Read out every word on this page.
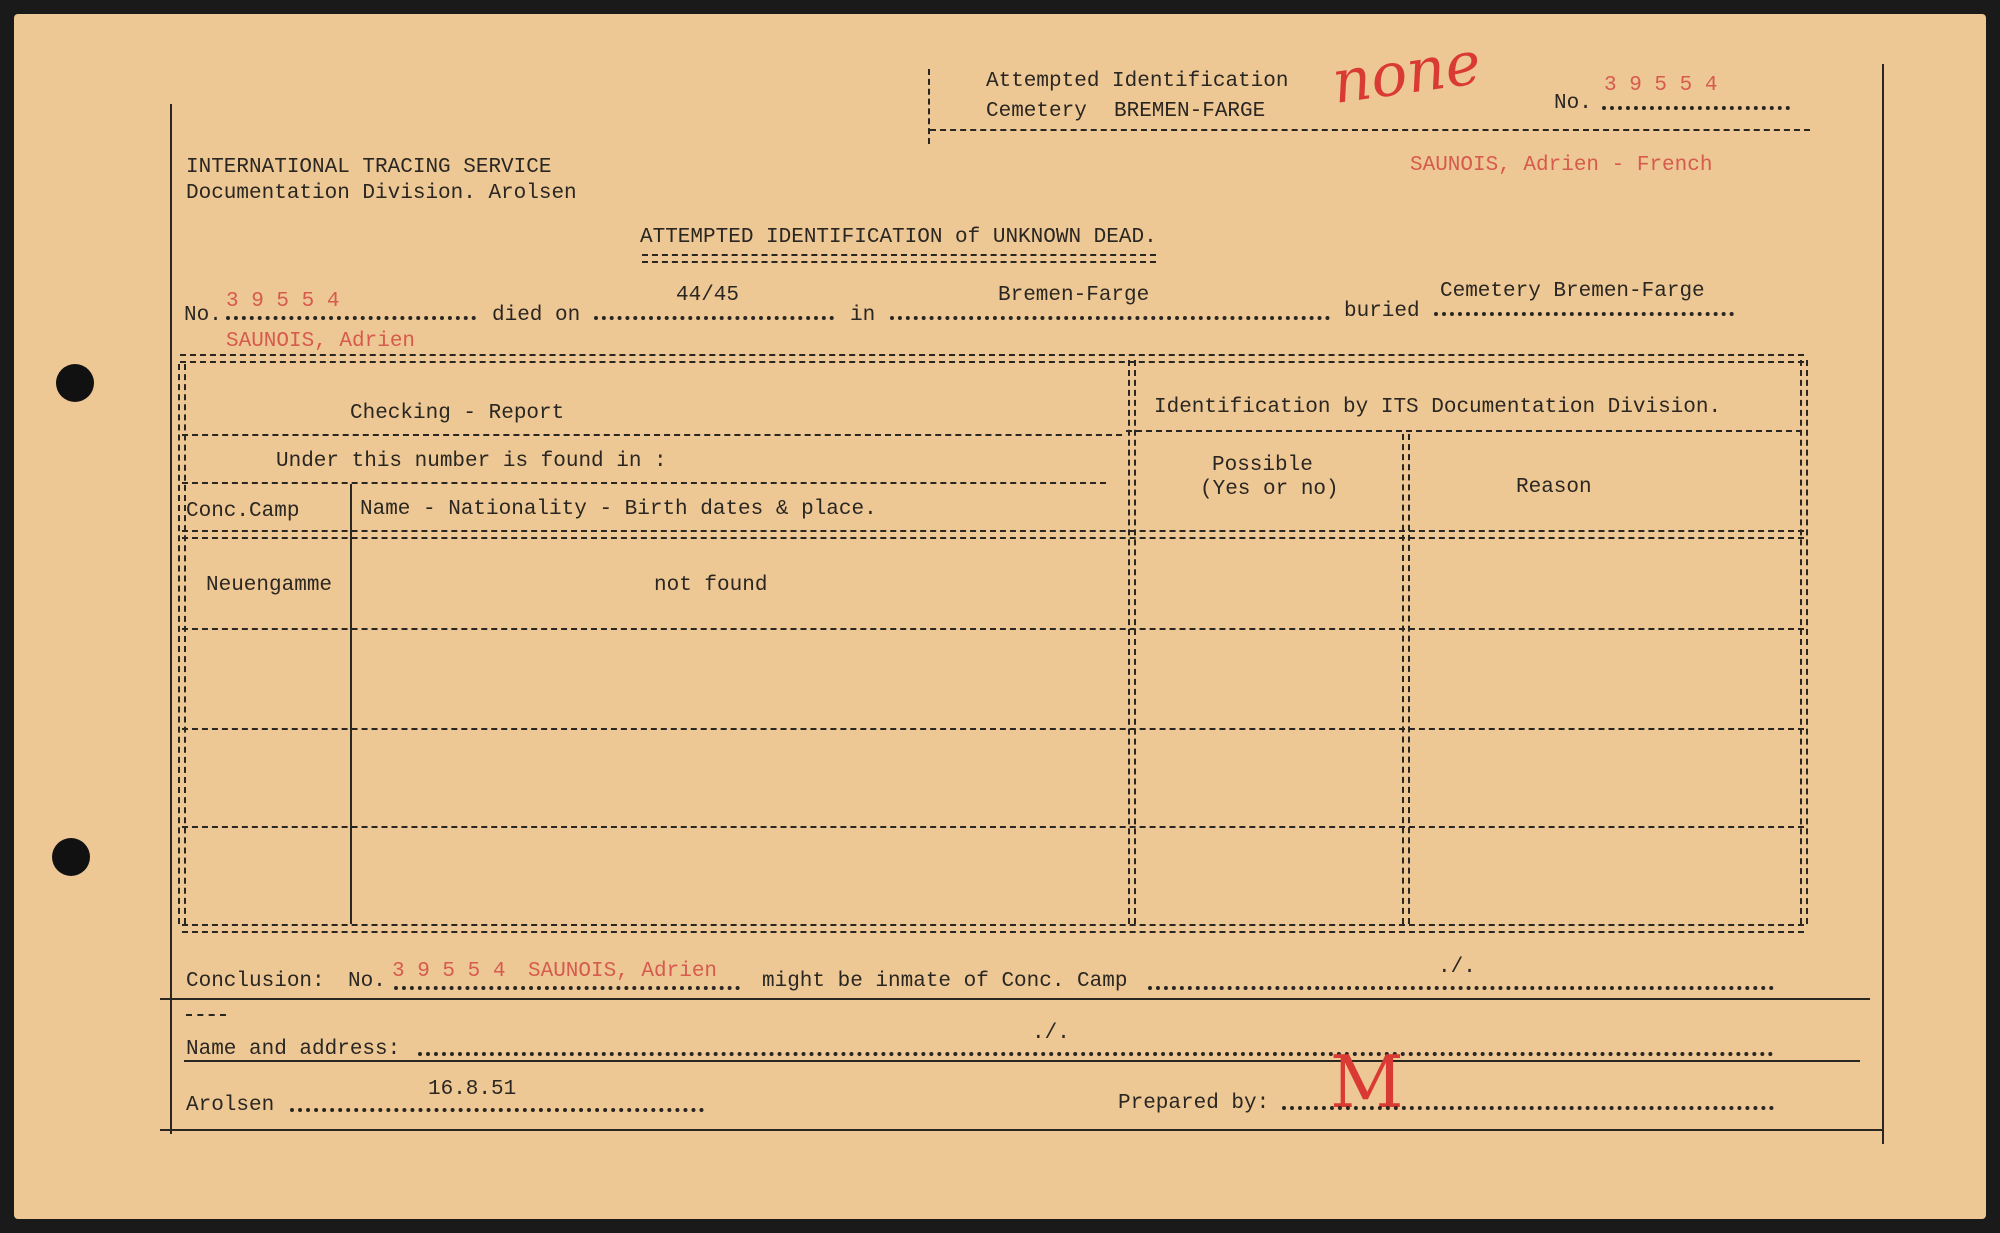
Attempted Identification
Cemetery BREMEN-FARGE none	No.
3 9 5 5 4
INTERNATIONAL TRACING SERVICE
Documentation Division. Arolsen
SAUNOIS, Adrien - French
ATTEMPTED IDENTIFICATION of UNKNOWN DEAD.
No.
3 9 5 5 4
died on
44/45
in
Bremen-Farge
buried
Cemetery Bremen-Farge
SAUNOIS, Adrien
Checking - Report	Identification by ITS Documentation Division.
Under this number is found in :
Conc.Camp	Name - Nationality - Birth dates & place.
Possible
(Yes or no)	Reason
Neuengamme	not found
Conclusion: No. 3 9 5 5 4 SAUNOIS, Adrien might be inmate of Conc. Camp
./.
Name and address:
./.
Arolsen
16.8.51
Prepared by: M
